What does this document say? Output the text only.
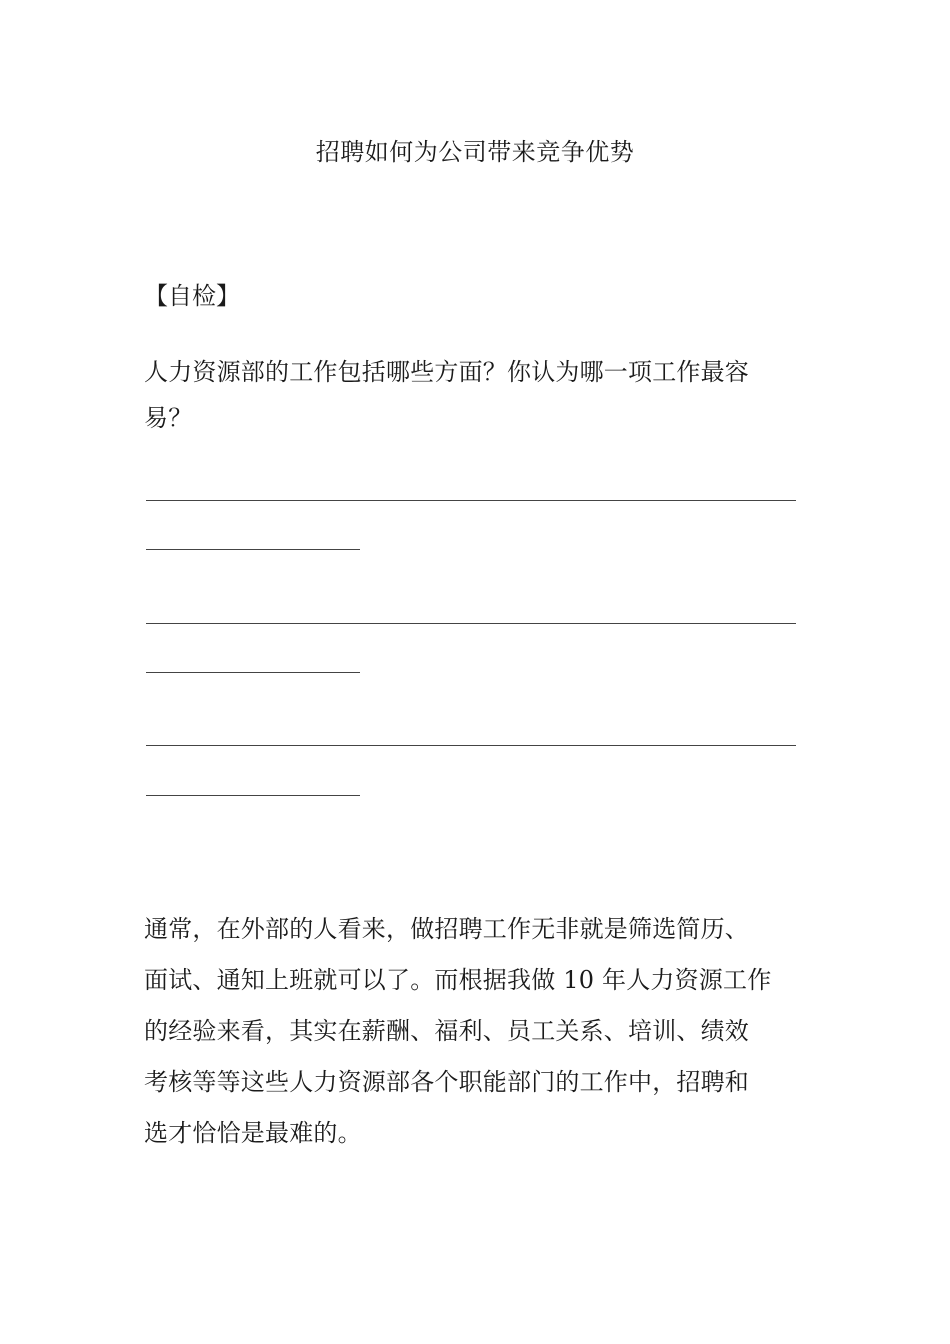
招聘如何为公司带来竞争优势
【自检】
人力资源部的工作包括哪些方面？你认为哪一项工作最容
易？
通常，在外部的人看来，做招聘工作无非就是筛选简历、
面试、通知上班就可以了。而根据我做 10 年人力资源工作
的经验来看，其实在薪酬、福利、员工关系、培训、绩效
考核等等这些人力资源部各个职能部门的工作中，招聘和
选才恰恰是最难的。
